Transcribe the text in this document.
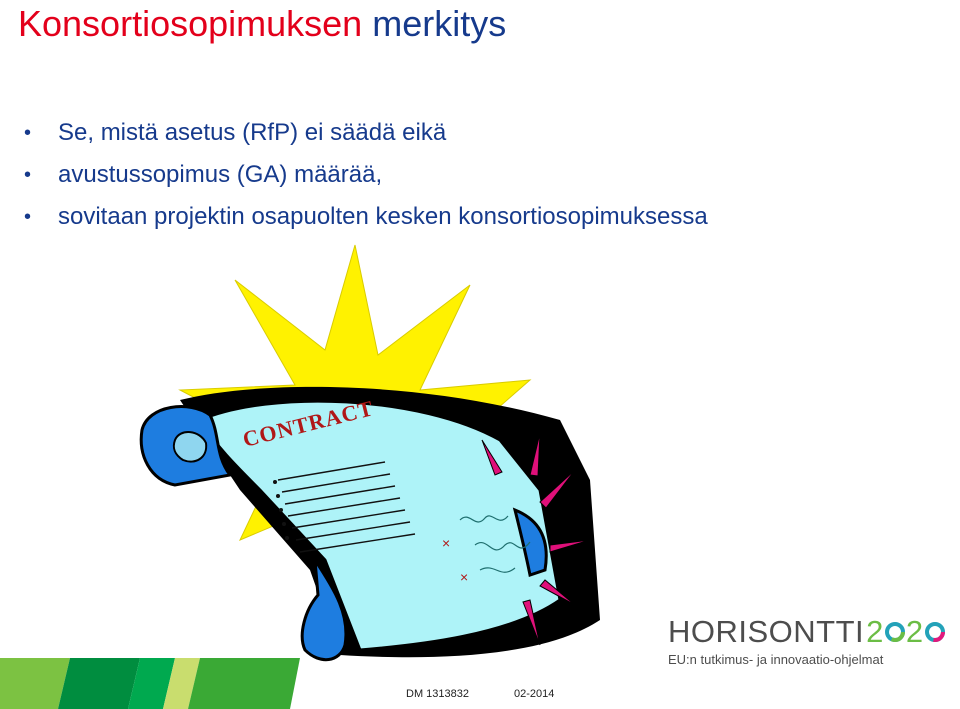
Konsortiosopimuksen merkitys
• Se, mistä asetus (RfP) ei säädä eikä
• avustussopimus (GA) määrää,
• sovitaan projektin osapuolten kesken konsortiosopimuksessa
CONTRACT
×
×
HORISONTTI 2 2
EU:n tutkimus- ja innovaatio-ohjelmat
DM 1313832	02-2014
